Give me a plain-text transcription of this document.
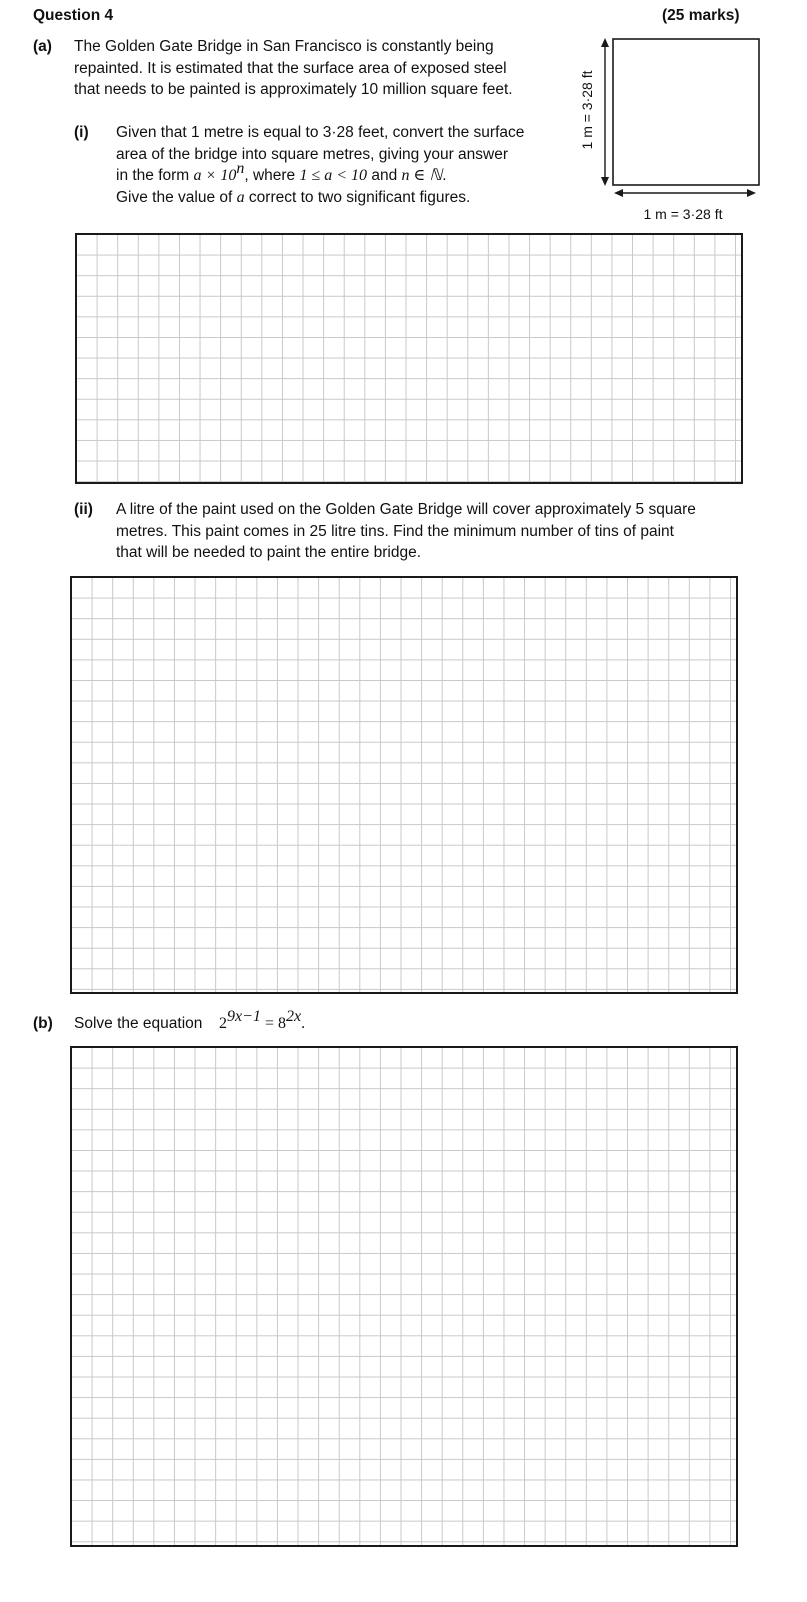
Question 4	(25 marks)
(a) The Golden Gate Bridge in San Francisco is constantly being
repainted. It is estimated that the surface area of exposed steel
that needs to be painted is approximately 10 million square feet.	1 m = 3·28 ft
1 m = 3·28 ft
(i) Given that 1 metre is equal to 3·28 feet, convert the surface
area of the bridge into square metres, giving your answer
in the form $a \times 10^n$, where 1 ≤ a < 10 and n ∈ ℕ.
Give the value of a correct to two significant figures.
(ii) A litre of the paint used on the Golden Gate Bridge will cover approximately 5 square
metres. This paint comes in 25 litre tins. Find the minimum number of tins of paint
that will be needed to paint the entire bridge.
(b) Solve the equation $2^{9x-1} = 8^{2x}$.
